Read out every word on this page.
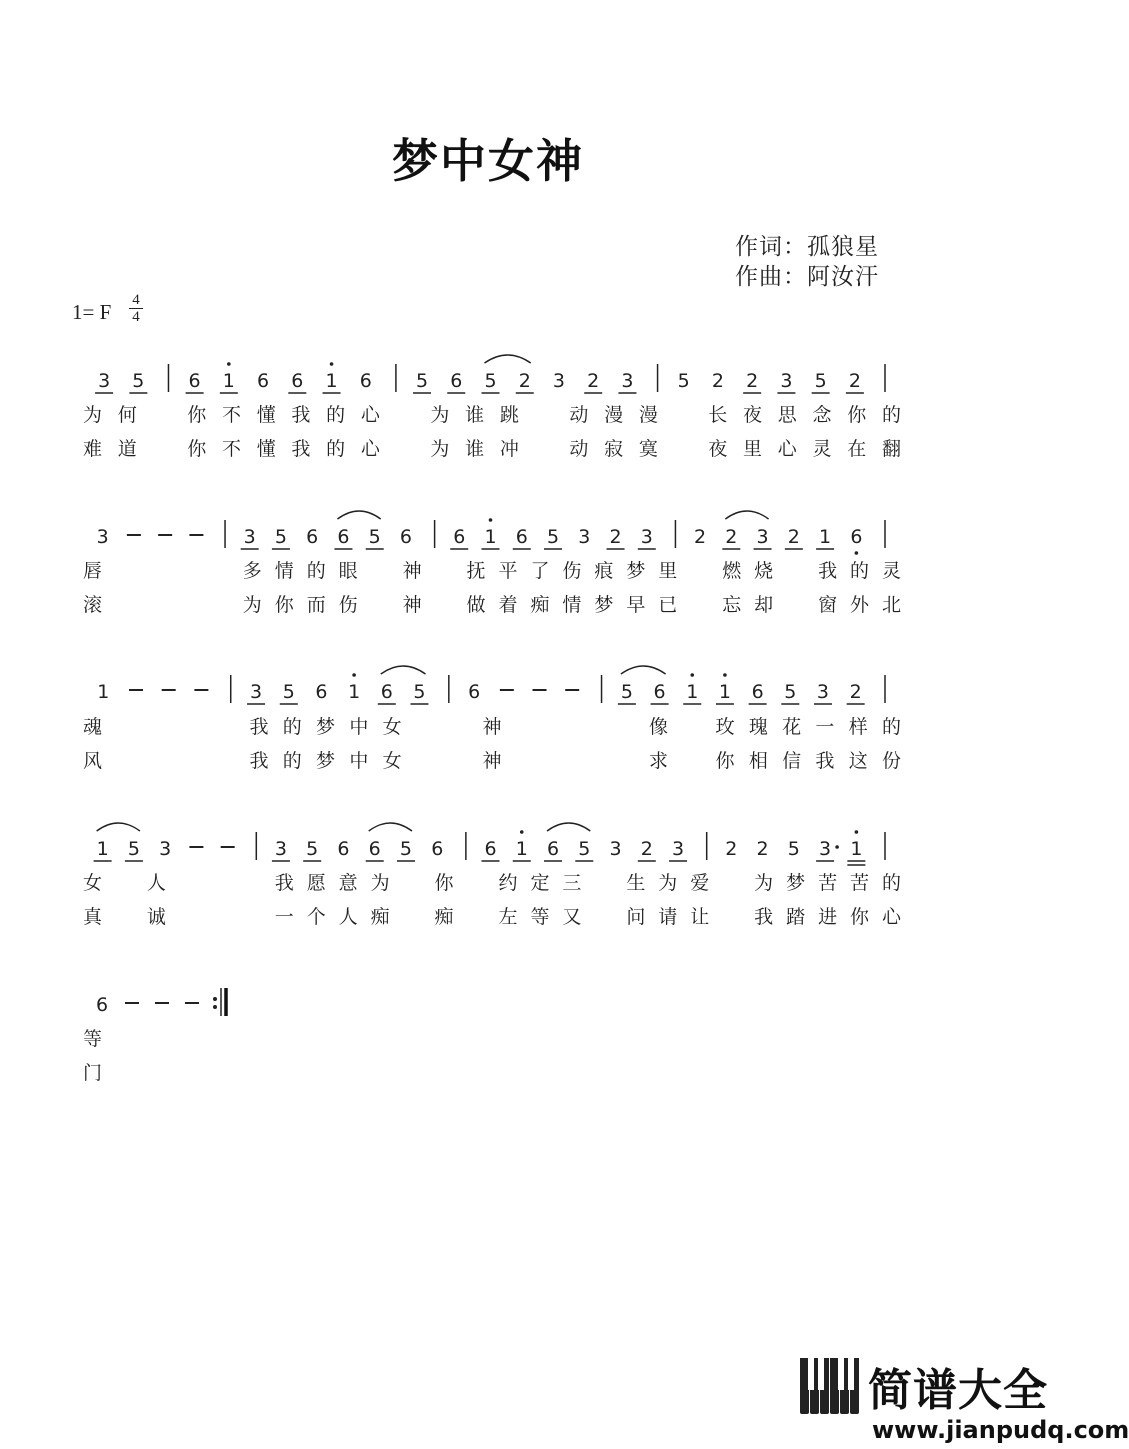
梦中女神
作词：孤狼星
作曲：阿汝汗
1= F	4
4
3 5 6 1 6 6 1 6 5 6 5 2 3 2 3 5 2 2 3 5 2
3	3 5 6 6 5 6 6 1 6 5 3 2 3 2 2 3 2 1 6
1	3 5 6 1 6 5 6	5 6 1 1 6 5 3 2
1 5 3	3 5 6 6 5 6 6 1 6 5 3 2 3 2 2 5 3 1
6
为 何	你 不 懂 我 的 心	为 谁 跳	动 漫 漫	长 夜 思 念 你 的
难 道	你 不 懂 我 的 心	为 谁 冲	动 寂 寞	夜 里 心 灵 在 翻
唇	多 情 的 眼 神 抚 平 了 伤 痕 梦 里 燃 烧 我 的 灵
滚	为 你 而 伤 神 做 着 痴 情 梦 早 已 忘 却 窗 外 北
魂	我 的 梦 中 女	神	像	玫 瑰 花 一 样 的
风	我 的 梦 中 女	神	求	你 相 信 我 这 份
女 人	我 愿 意 为 你 约 定 三 生 为 爱 为 梦 苦 苦 的
真 诚	一 个 人 痴 痴 左 等 又 问 请 让 我 踏 进 你 心
等
门
简谱大全
www.jianpudq.com
